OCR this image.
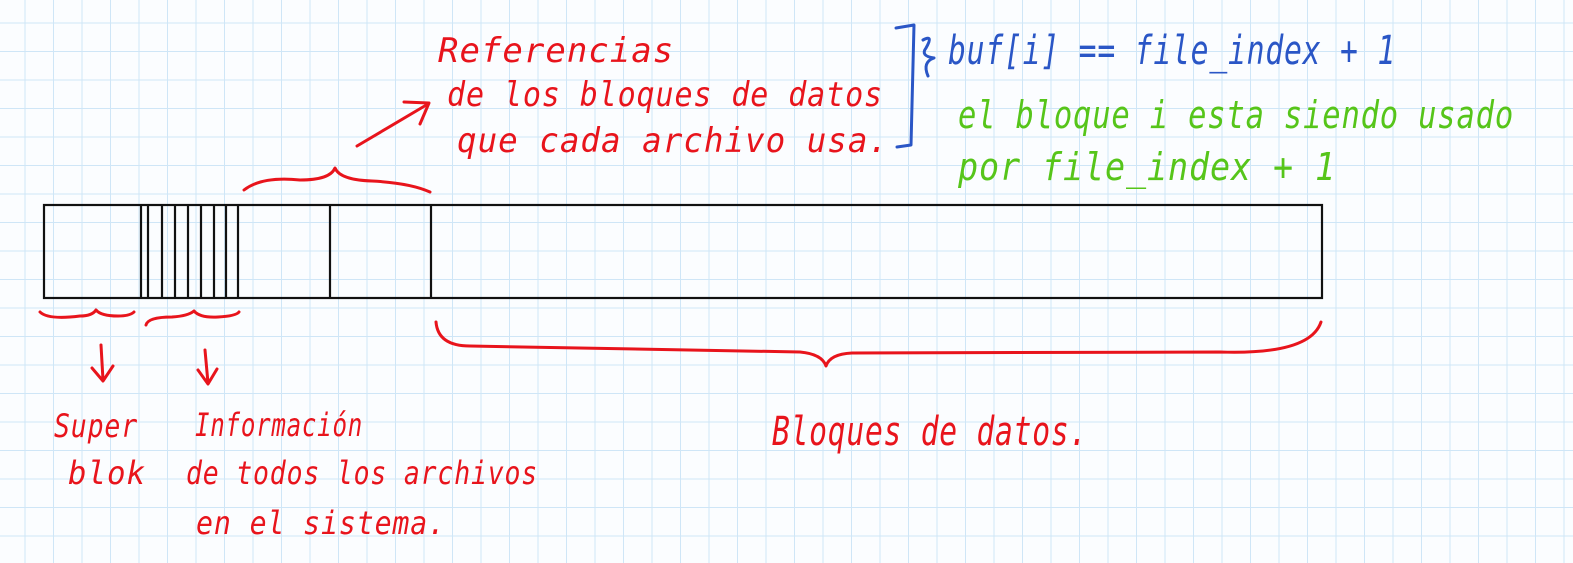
Referencias
de los bloques de datos
que cada archivo usa.
buf[i] == file_index + 1
el bloque i esta siendo usado
por file_index + 1
Super
blok
Información
de todos los archivos
en el sistema.
Bloques de datos.
